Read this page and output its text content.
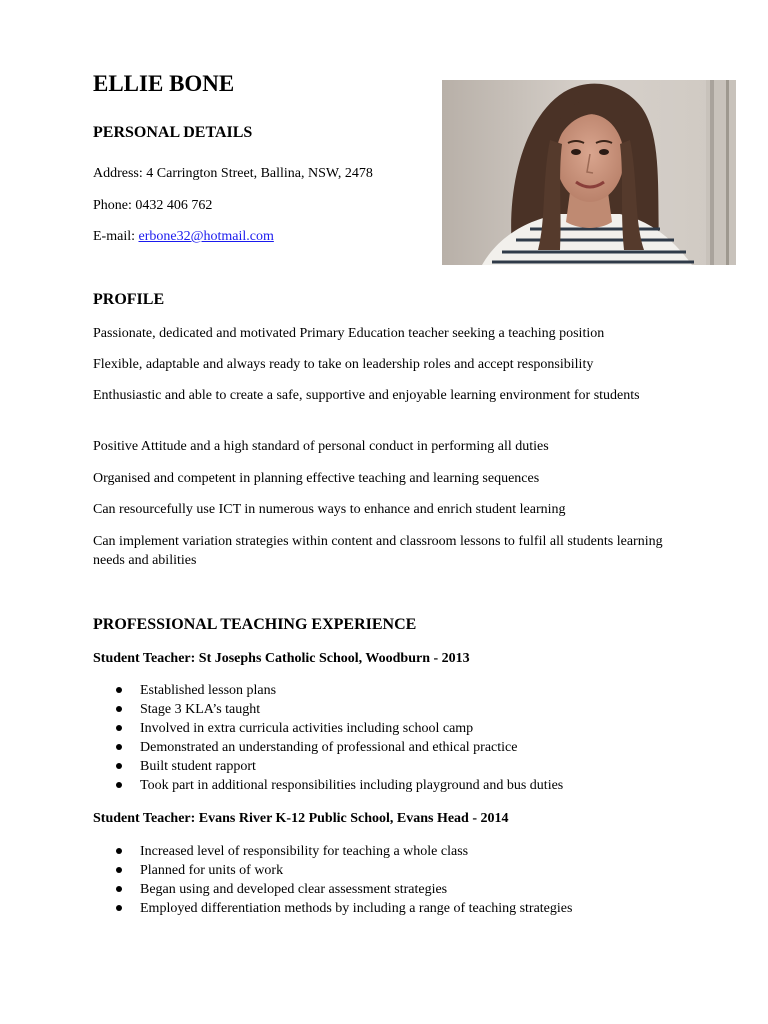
ELLIE BONE
PERSONAL DETAILS

Address: 4 Carrington Street, Ballina, NSW, 2478

Phone: 0432 406 762

E-mail: erbone32@hotmail.com

PROFILE

Passionate, dedicated and motivated Primary Education teacher seeking a teaching position

Flexible, adaptable and always ready to take on leadership roles and accept responsibility

Enthusiastic and able to create a safe, supportive and enjoyable learning environment for students

Positive Attitude and a high standard of personal conduct in performing all duties

Organised and competent in planning effective teaching and learning sequences

Can resourcefully use ICT in numerous ways to enhance and enrich student learning

Can implement variation strategies within content and classroom lessons to fulfil all students learning needs and abilities

PROFESSIONAL TEACHING EXPERIENCE

Student Teacher: St Josephs Catholic School, Woodburn - 2013

Established lesson plans
Stage 3 KLA’s taught
Involved in extra curricula activities including school camp
Demonstrated an understanding of professional and ethical practice
Built student rapport
Took part in additional responsibilities including playground and bus duties

Student Teacher: Evans River K-12 Public School, Evans Head - 2014

Increased level of responsibility for teaching a whole class
Planned for units of work
Began using and developed clear assessment strategies
Employed differentiation methods by including a range of teaching strategies
